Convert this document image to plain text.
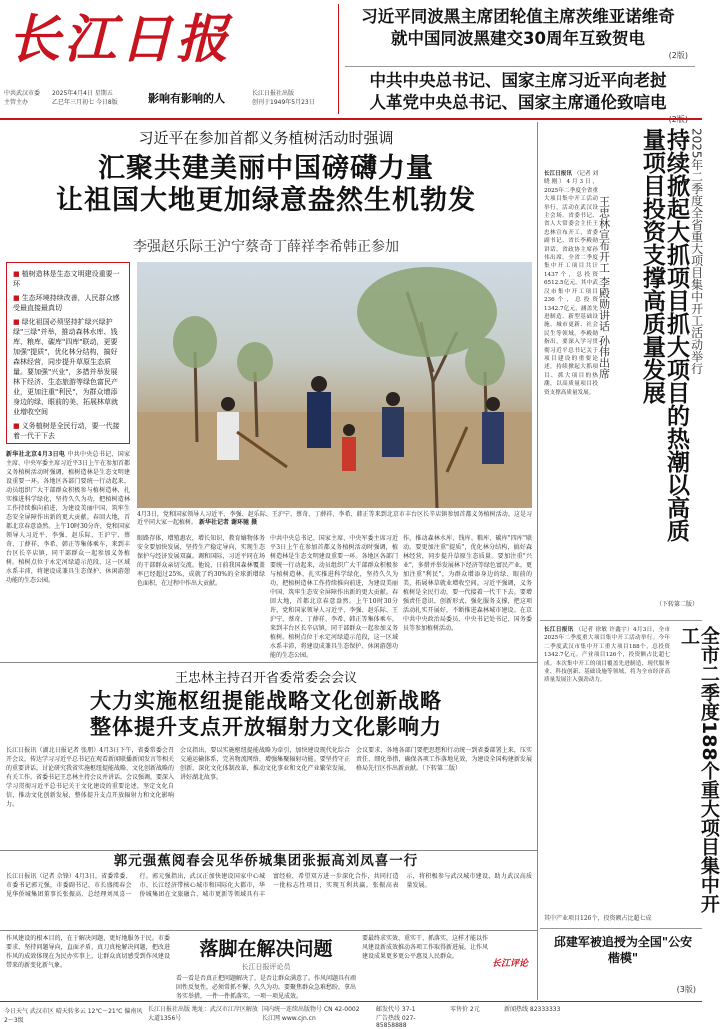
长江日报	习近平同波黑主席团轮值主席茨维亚诺维奇
就中国同波黑建交30周年互致贺电
(2版)
中共中央总书记、国家主席习近平向老挝
人革党中央总书记、国家主席通伦致唁电
中共武汉市委
主管主办
2025年4月4日 星期五
乙巳年三月初七 今日8版	影响有影响的人	长江日报社出版
创刊于1949年5月23日
习近平在参加首都义务植树活动时强调
汇聚共建美丽中国磅礴力量
让祖国大地更加绿意盎然生机勃发
李强赵乐际王沪宁蔡奇丁薛祥李希韩正参加
■ 植树造林是生态文明建设重要一环
■ 生态环境持续改善，人民群众感受最直接最真切
■ 绿化祖国必须坚持扩绿兴绿护绿"三绿"并举，推动森林水库、钱库、粮库、碳库"四库"联动，更要加强"提质"，优化林分结构，搞好森林经营，同步提升草原生态质量。要加强"兴业"，多措并举发展林下经济、生态旅游等绿色富民产业，更加注重"利民"，为群众增添身边的绿、眼前的美，拓展林草就业增收空间
■ 义务植树是全民行动，要一代接着一代干下去
新华社北京4月3日电 中共中央总书记、国家主席、中央军委主席习近平3日上午在参加首都义务植树活动时强调，植树造林是生态文明建设重要一环。各地区各部门要统一行动起来，动员组织广大干部群众积极参与植树造林，扎实推进科学绿化，坚持久久为功，把植树造林工作持续推向前进，为建设美丽中国、筑牢生态安全屏障作出新的更大贡献。春回大地，首都北京春意盎然。上午10时30分许，党和国家领导人习近平、李强、赵乐际、王沪宁、蔡奇、丁薛祥、李希、韩正等集体乘车，来到丰台区长辛店镇，同干部群众一起参加义务植树。植树点位于永定河绿道示范段，这一区域水系丰沛，将建设成兼具生态保护、休闲游憩功能的生态公园。
4月3日，党和国家领导人习近平、李强、赵乐际、王沪宁、蔡奇、丁薛祥、李希、韩正等来到北京市丰台区长辛店镇参加首都义务植树活动。这是习近平同大家一起植树。 新华社记者 谢环驰 摄
眼路存体，增殖惠农，增长知识，教育嫡物体务安全要加快发展，坚持生产稳定导向，实现生态保护与经济发展双赢。调和国际，习近平同在场的干部群众亲切交流。他说，日前我国森林覆盖率已经超过25%，成就了约30%的全球新增绿色面积，在过程中作出大贡献。
中共中央总书记、国家主席、中央军委主席习近平3日上午在参加首都义务植树活动时强调，植树造林是生态文明建设重要一环。各地区各部门要统一行动起来，动员组织广大干部群众积极参与植树造林，扎实推进科学绿化，坚持久久为功，把植树造林工作持续推向前进，为建设美丽中国、筑牢生态安全屏障作出新的更大贡献。春回大地，首都北京春意盎然。上午10时30分许，党和国家领导人习近平、李强、赵乐际、王沪宁、蔡奇、丁薛祥、李希、韩正等集体乘车，来到丰台区长辛店镇，同干部群众一起参加义务植树。植树点位于永定河绿道示范段，这一区域水系丰沛，将建设成兼具生态保护、休闲游憩功能的生态公园。
作，推动森林水库、钱库、粮库、碳库"四库"联动。要更加注重"提质"，优化林分结构，搞好森林经营，同步提升草原生态质量。要加注重"兴业"，多措并举发展林下经济等绿色富民产业，更加注重"利民"，为群众增添身边的绿、眼前的美，拓展林草就业增收空间。习近平强调，义务植树是全民行动，要一代接着一代干下去。要增强责任意识、创新形式、强化服务支撑，把这项活动扎实开展好，不断推进森林城市建设。在京中共中央政治局委员、中央书记处书记、国务委员等参加植树活动。
长江日报讯 （记者 刘晓刚）4月3日，2025年二季度全省重大项目集中开工活动举行，活动在武汉设主会场。省委书记、省人大常委会主任王忠林宣布开工，省委副书记、省长李殿勋讲话，省政协主席孙伟出席。全省二季度集中开工项目共计1437个，总投资6512.5亿元。其中武汉市集中开工项目236个，总投资1342.7亿元，涵盖先进制造、新型基础设施、城市更新、社会民生等领域。李殿勋指出，要深入学习贯彻习近平总书记关于项目建设的重要论述，持续掀起大抓项目、抓大项目的热潮，以高质量项目投资支撑高质量发展。
2025年二季度全省重大项目集中开工活动举行
持续掀起大抓项目抓大项目的热潮以高质量项目投资支撑高质量发展
王忠林宣布开工 李殿勋讲话 孙伟出席
（下转第二版）
长江日报讯 （记者 徐敏 许鑫宇）4月3日，全市2025年二季度重大项目集中开工活动举行。今年二季度武汉市集中开工重大项目188个，总投资1342.7亿元。产业项目126个，投资额占比超七成。本次集中开工的项目覆盖先进制造、现代服务业、科技创新、基础设施等领域，将为全市经济高质量发展注入强劲动力。	全市二季度188个重大项目集中开工
其中产业项目126个，投资额占比超七成
邱建军被追授为全国"公安楷模"
(3版)
王忠林主持召开省委常委会会议
大力实施枢纽提能战略文化创新战略
整体提升支点开放辐射力文化影响力
长江日报讯（湖北日报记者 张朋）4月3日下午，省委常委会召开会议，传达学习习近平总书记在观看新闻联播新闻发言等相关的重要讲话，讨论研究我省实施枢纽提能战略、文化创新战略的有关工作。省委书记王忠林主持会议并讲话。会议强调，要深入学习贯彻习近平总书记关于文化建设的重要论述，坚定文化自信，推动文化创新发展，整体提升支点开放辐射力和文化影响力。
会议指出，要以实施枢纽提能战略为牵引，加快建设现代化综合交通运输体系，完善物流网络，增强集聚辐射功能。要坚持守正创新，深化文化体制改革，推动文化事业和文化产业繁荣发展，讲好湖北故事。
会议要求，各地各部门要把思想和行动统一到省委部署上来，压实责任、细化举措，确保各项工作落地见效，为建设全国构建新发展格局先行区作出新贡献。（下转第二版）
郭元强蕉阅春会见华侨城集团张振高刘凤喜一行
长江日报讯（记者 佘锋）4月3日，省委常委、市委书记郭元强，市委副书记、市长盛阅春会见华侨城集团董事长张振高、总经理刘凤喜一行。郭元强指出，武汉正加快建设国家中心城市、长江经济带核心城市和国际化大都市，华侨城集团在文旅融合、城市更新等领域具有丰富经验，希望双方进一步深化合作，共同打造一批标志性项目，实现互利共赢。张振高表示，将积极参与武汉城市建设，助力武汉高质量发展。
作风建设的根本目的，在于解决问题，更好地服务于民。市委要求，坚持问题导向，直面矛盾，真刀真枪解决问题，把改进作风的成效体现在为民办实事上，让群众真切感受到作风建设带来的新变化新气象。
落脚在解决问题
长江日报评论员
看一看是否真正把问题解决了，是否让群众满意了。作风问题具有顽固性反复性，必须常抓不懈、久久为功。要聚焦群众急难愁盼，拿出务实举措，一件一件抓落实，一项一项见成效。
要最终求实效、重实干、抓落实，这样才能以作风建设新成效推动各项工作取得新进展，让作风建设成果更多更公平惠及人民群众。
长江评论
今日天气 武汉市区 晴天转多云 12℃～21℃ 偏南风 2～3级
长江日报社出版 地址：武汉市江岸区解放大道1356号
国内统一连续出版物号 CN 42-0002
长江网 www.cjn.cn
邮发代号 37-1
广告热线 027-85858888
零售价 2元	新闻热线 82333333
